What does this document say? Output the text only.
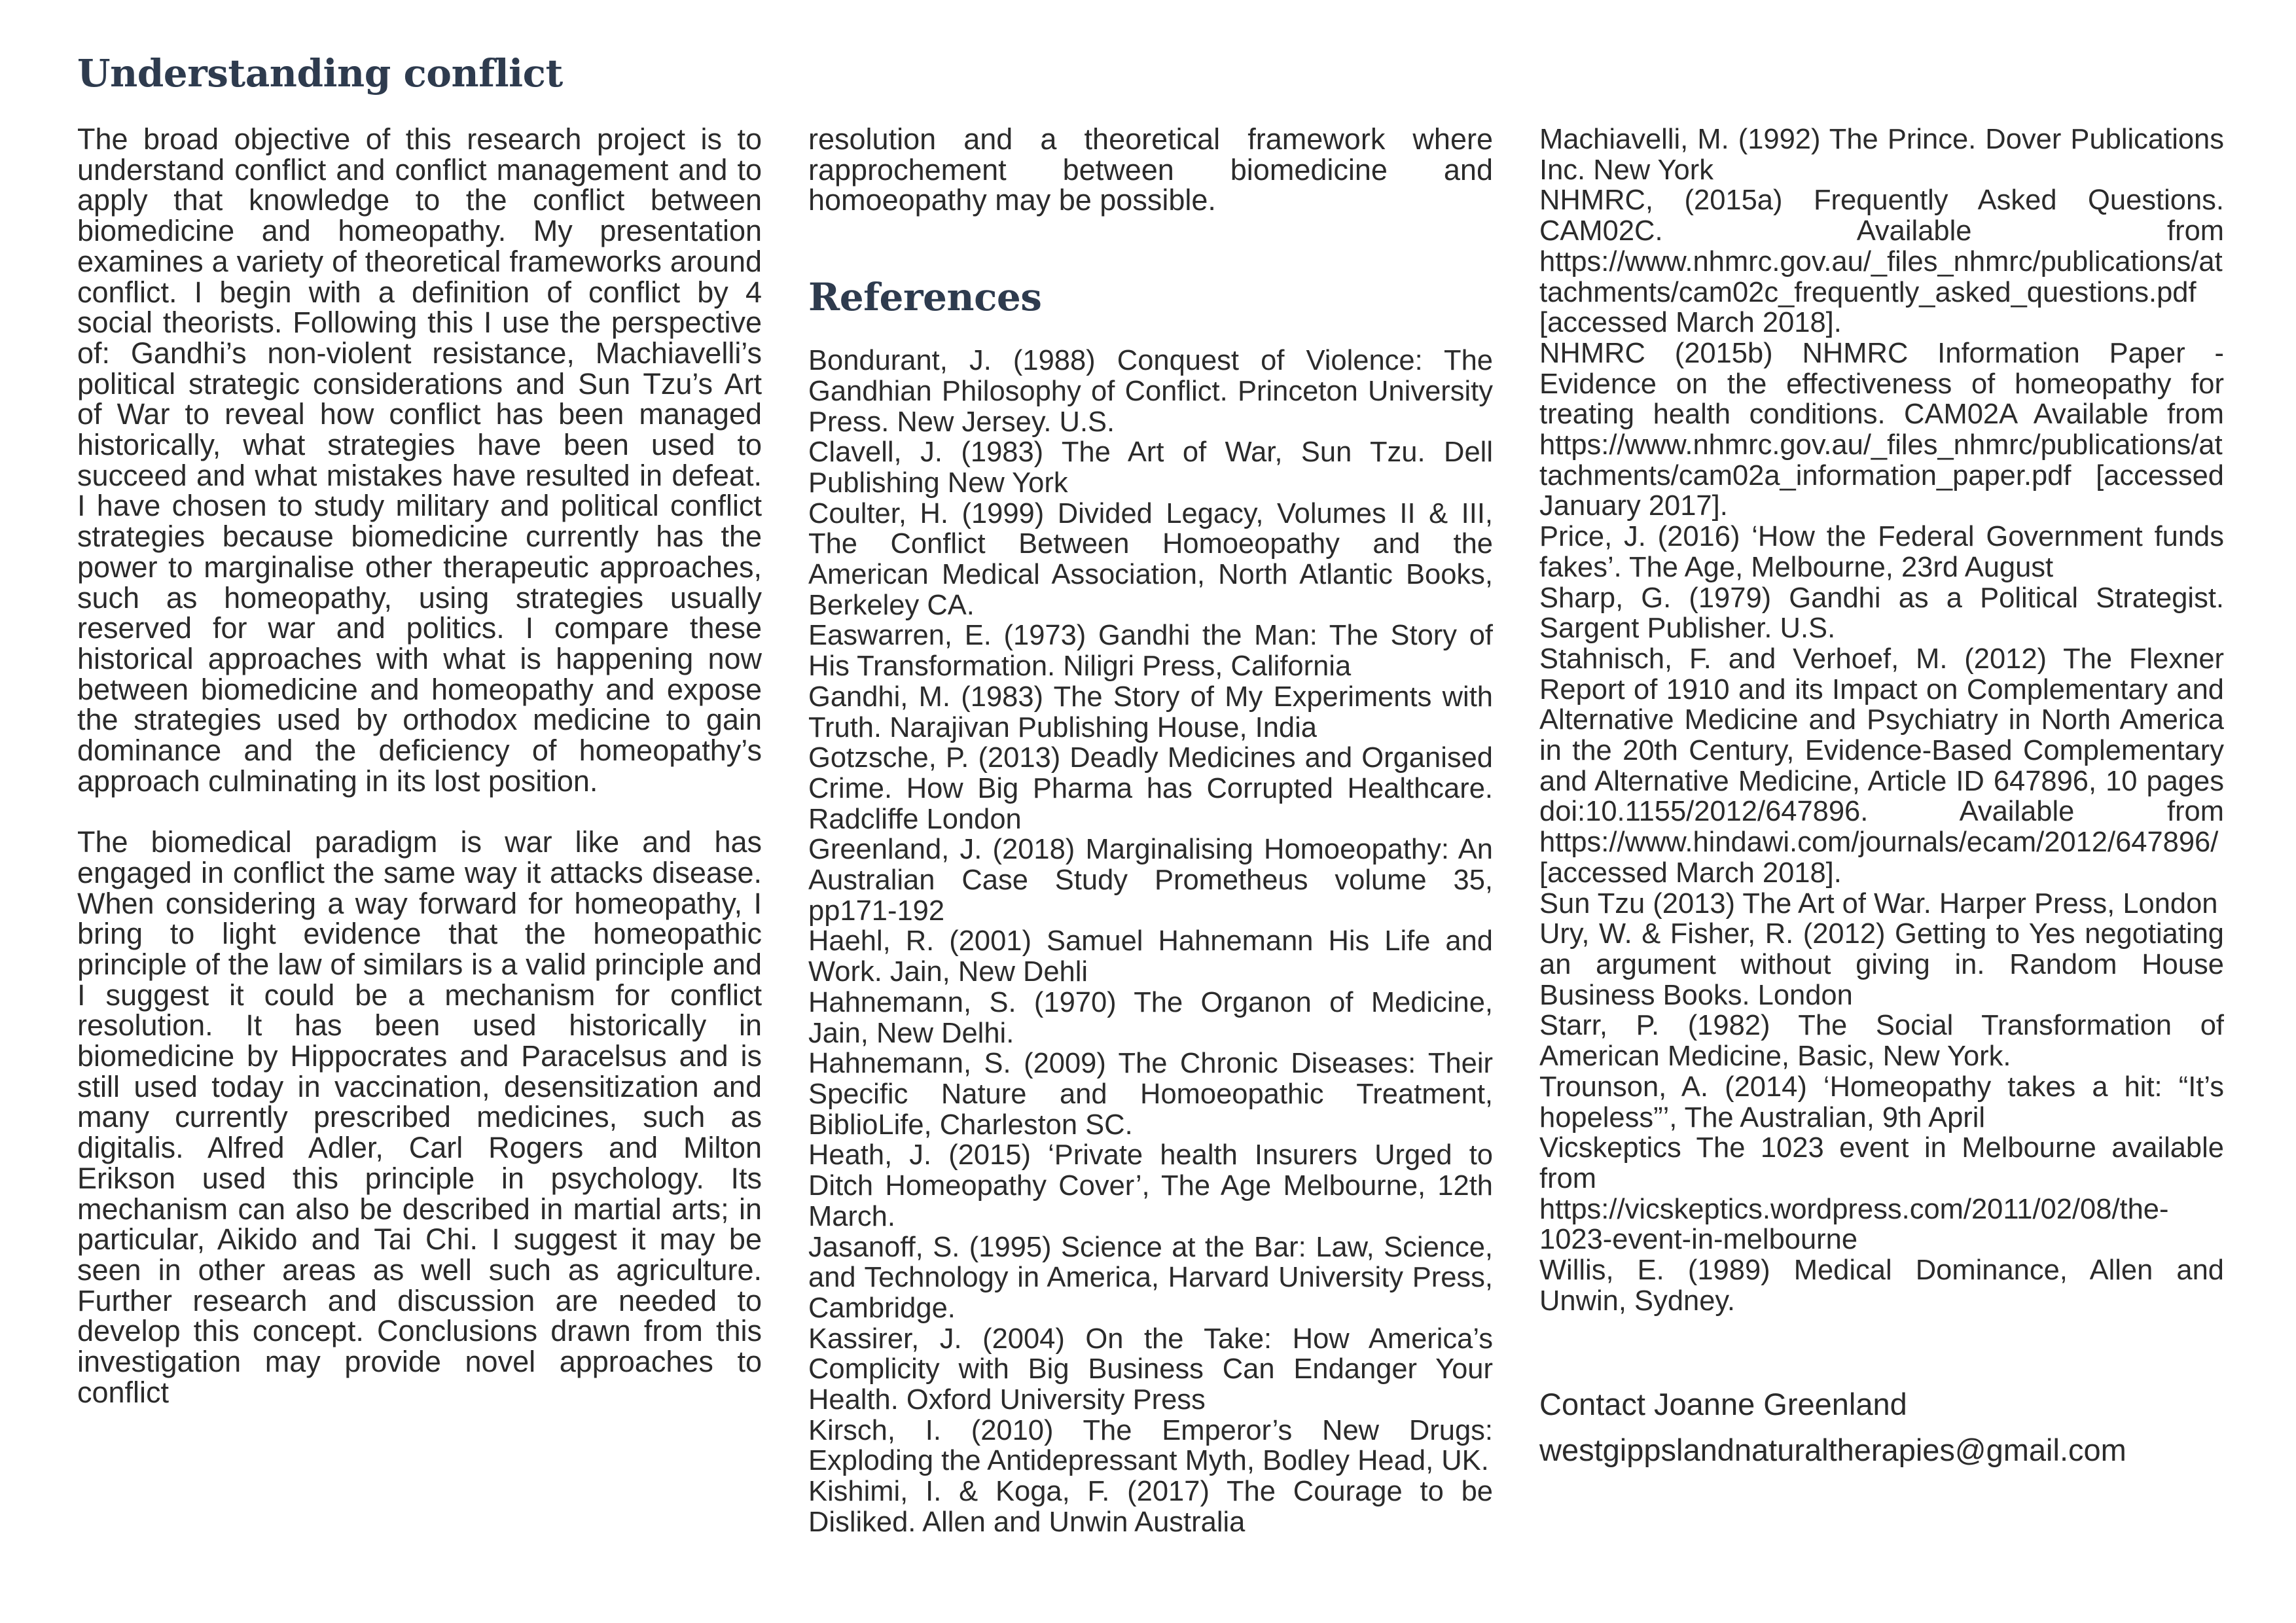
Understanding conflict

The broad objective of this research project is to understand conflict and conflict management and to apply that knowledge to the conflict between biomedicine and homeopathy. My presentation examines a variety of theoretical frameworks around conflict. I begin with a definition of conflict by 4 social theorists. Following this I use the perspective of: Gandhi’s non-violent resistance, Machiavelli’s political strategic considerations and Sun Tzu’s Art of War to reveal how conflict has been managed historically, what strategies have been used to succeed and what mistakes have resulted in defeat. I have chosen to study military and political conflict strategies because biomedicine currently has the power to marginalise other therapeutic approaches, such as homeopathy, using strategies usually reserved for war and politics. I compare these historical approaches with what is happening now between biomedicine and homeopathy and expose the strategies used by orthodox medicine to gain dominance and the deficiency of homeopathy’s approach culminating in its lost position.

The biomedical paradigm is war like and has engaged in conflict the same way it attacks disease. When considering a way forward for homeopathy, I bring to light evidence that the homeopathic principle of the law of similars is a valid principle and I suggest it could be a mechanism for conflict resolution. It has been used historically in biomedicine by Hippocrates and Paracelsus and is still used today in vaccination, desensitization and many currently prescribed medicines, such as digitalis. Alfred Adler, Carl Rogers and Milton Erikson used this principle in psychology. Its mechanism can also be described in martial arts; in particular, Aikido and Tai Chi. I suggest it may be seen in other areas as well such as agriculture. Further research and discussion are needed to develop this concept. Conclusions drawn from this investigation may provide novel approaches to conflict

resolution and a theoretical framework where rapprochement between biomedicine and homoeopathy may be possible.

References
Bondurant, J. (1988) Conquest of Violence: The Gandhian Philosophy of Conflict. Princeton University Press. New Jersey. U.S.
Clavell, J. (1983) The Art of War, Sun Tzu. Dell Publishing New York
Coulter, H. (1999) Divided Legacy, Volumes II & III, The Conflict Between Homoeopathy and the American Medical Association, North Atlantic Books, Berkeley CA.
Easwarren, E. (1973) Gandhi the Man: The Story of His Transformation. Niligri Press, California
Gandhi, M. (1983) The Story of My Experiments with Truth. Narajivan Publishing House, India
Gotzsche, P. (2013) Deadly Medicines and Organised Crime. How Big Pharma has Corrupted Healthcare. Radcliffe London
Greenland, J. (2018) Marginalising Homoeopathy: An Australian Case Study Prometheus volume 35, pp171-192
Haehl, R. (2001) Samuel Hahnemann His Life and Work. Jain, New Dehli
Hahnemann, S. (1970) The Organon of Medicine, Jain, New Delhi.
Hahnemann, S. (2009) The Chronic Diseases: Their Specific Nature and Homoeopathic Treatment, BiblioLife, Charleston SC.
Heath, J. (2015) ‘Private health Insurers Urged to Ditch Homeopathy Cover’, The Age Melbourne, 12th March.
Jasanoff, S. (1995) Science at the Bar: Law, Science, and Technology in America, Harvard University Press, Cambridge.
Kassirer, J. (2004) On the Take: How America’s Complicity with Big Business Can Endanger Your Health. Oxford University Press
Kirsch, I. (2010) The Emperor’s New Drugs: Exploding the Antidepressant Myth, Bodley Head, UK.
Kishimi, I. & Koga, F. (2017) The Courage to be Disliked. Allen and Unwin Australia
Machiavelli, M. (1992) The Prince. Dover Publications Inc. New York
NHMRC, (2015a) Frequently Asked Questions. CAM02C. Available from https://www.nhmrc.gov.au/_files_nhmrc/publications/attachments/cam02c_frequently_asked_questions.pdf [accessed March 2018].
NHMRC (2015b) NHMRC Information Paper - Evidence on the effectiveness of homeopathy for treating health conditions. CAM02A Available from https://www.nhmrc.gov.au/_files_nhmrc/publications/attachments/cam02a_information_paper.pdf [accessed January 2017].
Price, J. (2016) ‘How the Federal Government funds fakes’. The Age, Melbourne, 23rd August
Sharp, G. (1979) Gandhi as a Political Strategist. Sargent Publisher. U.S.
Stahnisch, F. and Verhoef, M. (2012) The Flexner Report of 1910 and its Impact on Complementary and Alternative Medicine and Psychiatry in North America in the 20th Century, Evidence-Based Complementary and Alternative Medicine, Article ID 647896, 10 pages doi:10.1155/2012/647896. Available from https://www.hindawi.com/journals/ecam/2012/647896/ [accessed March 2018].
Sun Tzu (2013) The Art of War. Harper Press, London
Ury, W. & Fisher, R. (2012) Getting to Yes negotiating an argument without giving in. Random House Business Books. London
Starr, P. (1982) The Social Transformation of American Medicine, Basic, New York.
Trounson, A. (2014) ‘Homeopathy takes a hit: “It’s hopeless”’, The Australian, 9th April
Vicskeptics The 1023 event in Melbourne available from https://vicskeptics.wordpress.com/2011/02/08/the-1023-event-in-melbourne
Willis, E. (1989) Medical Dominance, Allen and Unwin, Sydney.
Contact Joanne Greenland
westgippslandnaturaltherapies@gmail.com
